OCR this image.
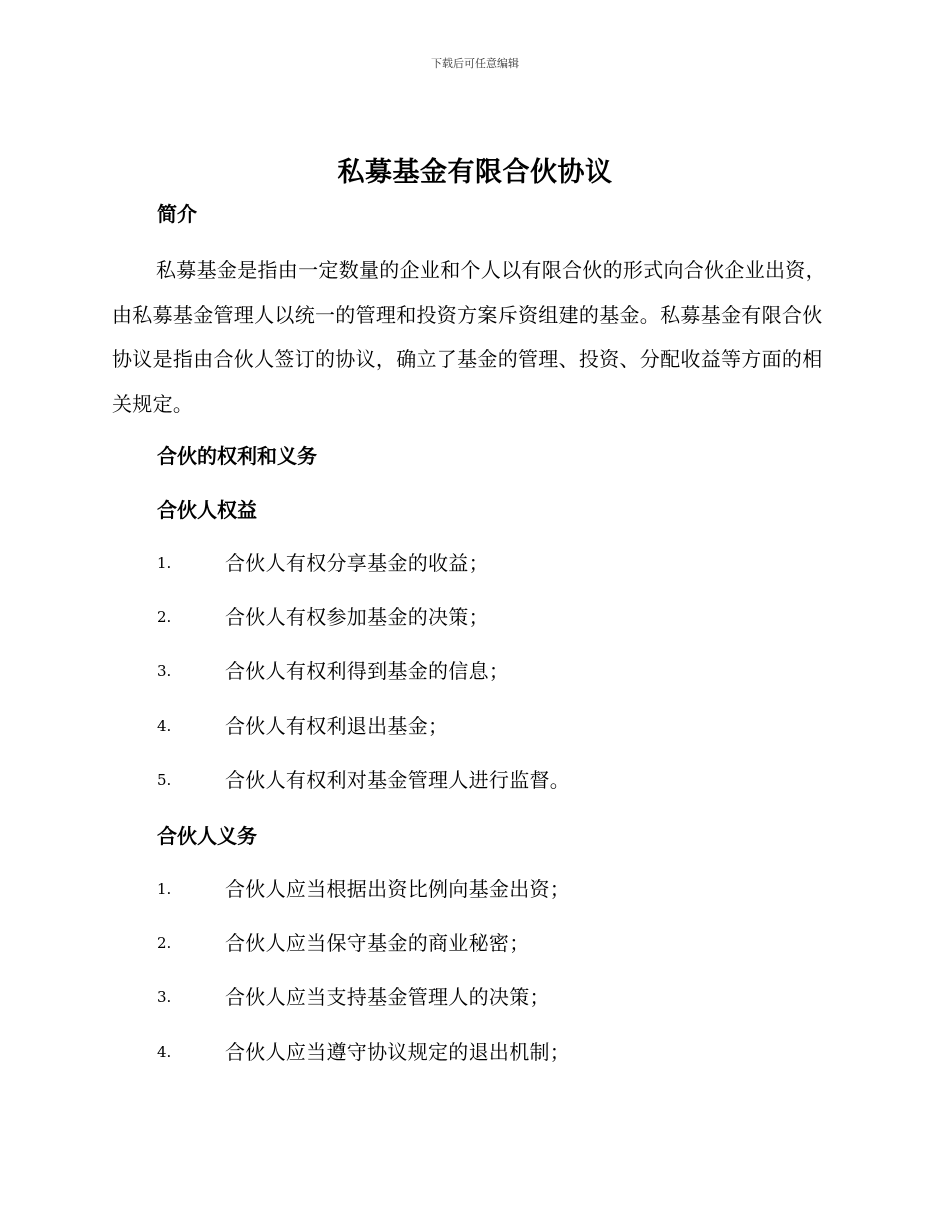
下载后可任意编辑
私募基金有限合伙协议
简介

私募基金是指由一定数量的企业和个人以有限合伙的形式向合伙企业出资，由私募基金管理人以统一的管理和投资方案斥资组建的基金。私募基金有限合伙协议是指由合伙人签订的协议，确立了基金的管理、投资、分配收益等方面的相关规定。

合伙的权利和义务
合伙人权益
1.	合伙人有权分享基金的收益；
2.	合伙人有权参加基金的决策；
3.	合伙人有权利得到基金的信息；
4.	合伙人有权利退出基金；
5.	合伙人有权利对基金管理人进行监督。
合伙人义务
1.	合伙人应当根据出资比例向基金出资；
2.	合伙人应当保守基金的商业秘密；
3.	合伙人应当支持基金管理人的决策；
4.	合伙人应当遵守协议规定的退出机制；
